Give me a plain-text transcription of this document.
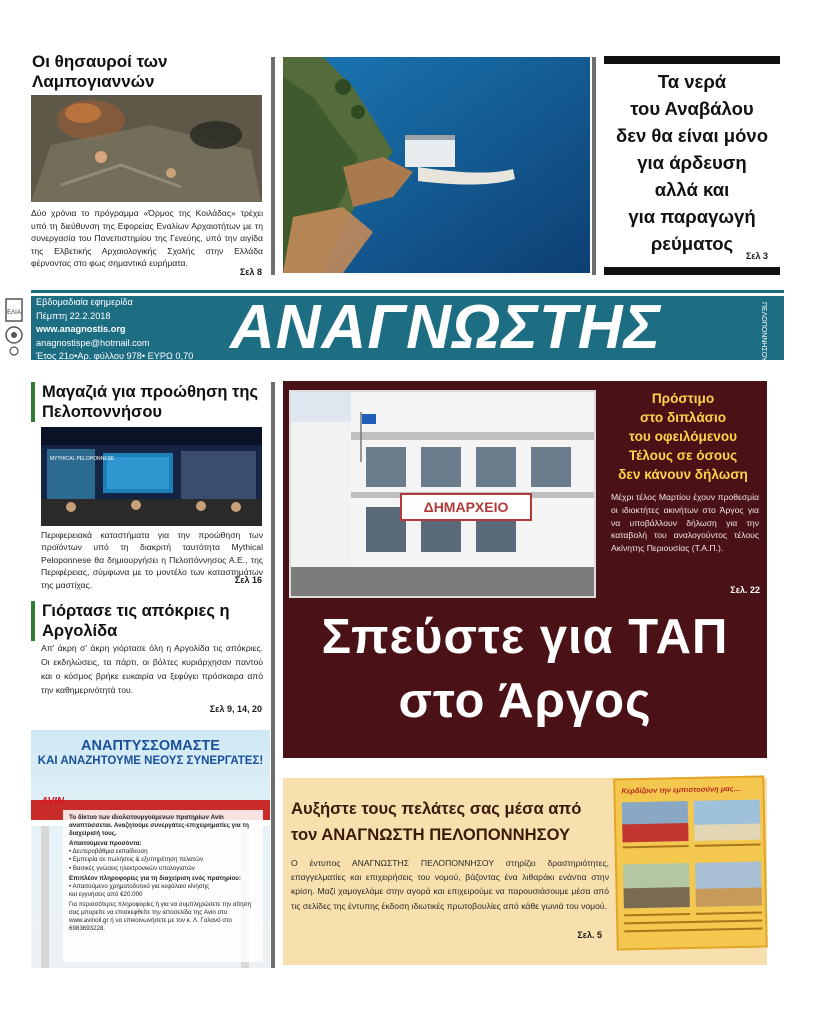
Οι θησαυροί των Λαμπογιαννών
Δύο χρόνια το πρόγραμμα «Όρμος της Κοιλάδας» τρέχει υπό τη διεύθυνση της Εφορείας Εναλίων Αρχαιοτήτων με τη συνεργασία του Πανεπιστημίου της Γενεύης, υπό την αιγίδα της Ελβετικής Αρχαιολογικής Σχολής στην Ελλάδα φέρνοντας στο φως σημαντικά ευρήματα.
Σελ 8
Τα νερά
του Αναβάλου
δεν θα είναι μόνο
για άρδευση
αλλά και
για παραγωγή
ρεύματος
Σελ 3
ΕΛΙΑ
Εβδομαδιαία εφημερίδα
Πέμπτη 22.2.2018
www.anagnostis.org
anagnostispe@hotmail.com
Έτος 21ο•Αρ. φύλλου 978• ΕΥΡΩ 0,70 ΑΝΑΓΝΩΣΤΗΣ	ΠΕΛΟΠΟΝΝΗΣΟΥ
Μαγαζιά για προώθηση της Πελοποννήσου
MYTHICAL PELOPONNESE
Περιφερειακά καταστήματα για την προώθηση των προϊόντων υπό τη διακριτή ταυτότητα Mythical Peloponnese θα δημιουργήσει η Πελοπόννησος Α.Ε., της Περιφέρειας, σύμφωνα με το μοντέλο των καταστημάτων της μαστίχας.	Σελ 16
Γιόρτασε τις απόκριες η Αργολίδα
Απ' άκρη σ' άκρη γιόρτασε όλη η Αργολίδα τις απόκριες. Οι εκδηλώσεις, τα πάρτι, οι βόλτες κυριάρχησαν παντού και ο κόσμος βρήκε ευκαιρία να ξεφύγει πρόσκαιρα από την καθημερινότητά του.
Σελ 9, 14, 20
ΑΝΑΠΤΥΣΣΟΜΑΣΤΕ
ΚΑΙ ΑΝΑΖΗΤΟΥΜΕ ΝΕΟΥΣ ΣΥΝΕΡΓΑΤΕΣ!
AVIN
Το δίκτυο των ιδιολειτουργούμενων πρατηρίων Avin αναπτύσσεται. Αναζητούμε συνεργάτες-επιχειρηματίες για τη διαχείρισή τους.
Απαιτούμενα προσόντα:
• Δευτεροβάθμια εκπαίδευση
• Εμπειρία σε πωλήσεις & εξυπηρέτηση πελατών
• Βασικές γνώσεις ηλεκτρονικών υπολογιστών
Επιπλέον πληροφορίες για τη διαχείριση ενός πρατηρίου:
• Απαιτούμενο χρηματοδοτικό για κεφάλαιο κίνησης
και εγγυήσεις από €20.000
Για περισσότερες πληροφορίες ή για να συμπληρώσετε την αίτηση σας μπορείτε να επισκεφθείτε την ιστοσελίδα της Avin στο www.avinoil.gr ή να επικοινωνήσετε με τον κ. Λ. Γαλανό στο 6983693228.
ΔΗΜΑΡΧΕΙΟ
Πρόστιμο
στο διπλάσιο
του οφειλόμενου
Τέλους σε όσους
δεν κάνουν δήλωση
Μέχρι τέλος Μαρτίου έχουν προθεσμία οι ιδιοκτήτες ακινήτων στο Άργος για να υποβάλλουν δήλωση για την καταβολή του αναλογούντος τέλους Ακίνητης Περιουσίας (Τ.Α.Π.).
Σελ. 22
Σπεύστε για ΤΑΠ
στο Άργος
Αυξήστε τους πελάτες σας μέσα από τον ΑΝΑΓΝΩΣΤΗ ΠΕΛΟΠΟΝΝΗΣΟΥ
Ο έντυπος ΑΝΑΓΝΩΣΤΗΣ ΠΕΛΟΠΟΝΝΗΣΟΥ στηρίζει δραστηριότητες, επαγγελματίες και επιχειρήσεις του νομού, βάζοντας ένα λιθαράκι ενάντια στην κρίση. Μαζί χαμογελάμε στην αγορά και επιχειρούμε να παρουσιάσουμε μέσα από τις σελίδες της έντυπης έκδοση ιδιωτικές πρωτοβουλίες από κάθε γωνιά του νομού.
Σελ. 5
Κερδίζουν την εμπιστοσύνη μας…
